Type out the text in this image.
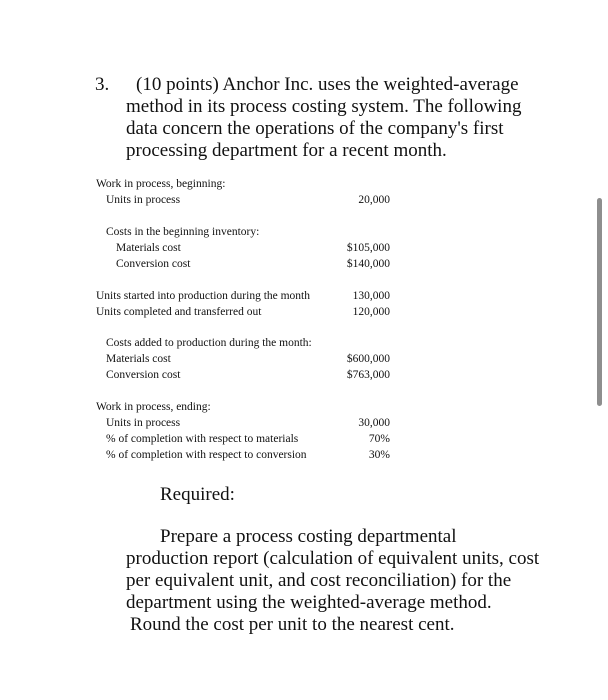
3. (10 points) Anchor Inc. uses the weighted-average
method in its process costing system. The following
data concern the operations of the company's first
processing department for a recent month.
Work in process, beginning:
Units in process	20,000
Costs in the beginning inventory:
Materials cost	$105,000
Conversion cost	$140,000
Units started into production during the month	130,000
Units completed and transferred out	120,000
Costs added to production during the month:
Materials cost	$600,000
Conversion cost	$763,000
Work in process, ending:
Units in process	30,000
% of completion with respect to materials	70%
% of completion with respect to conversion	30%
Required:
Prepare a process costing departmental
production report (calculation of equivalent units, cost
per equivalent unit, and cost reconciliation) for the
department using the weighted-average method.
Round the cost per unit to the nearest cent.
